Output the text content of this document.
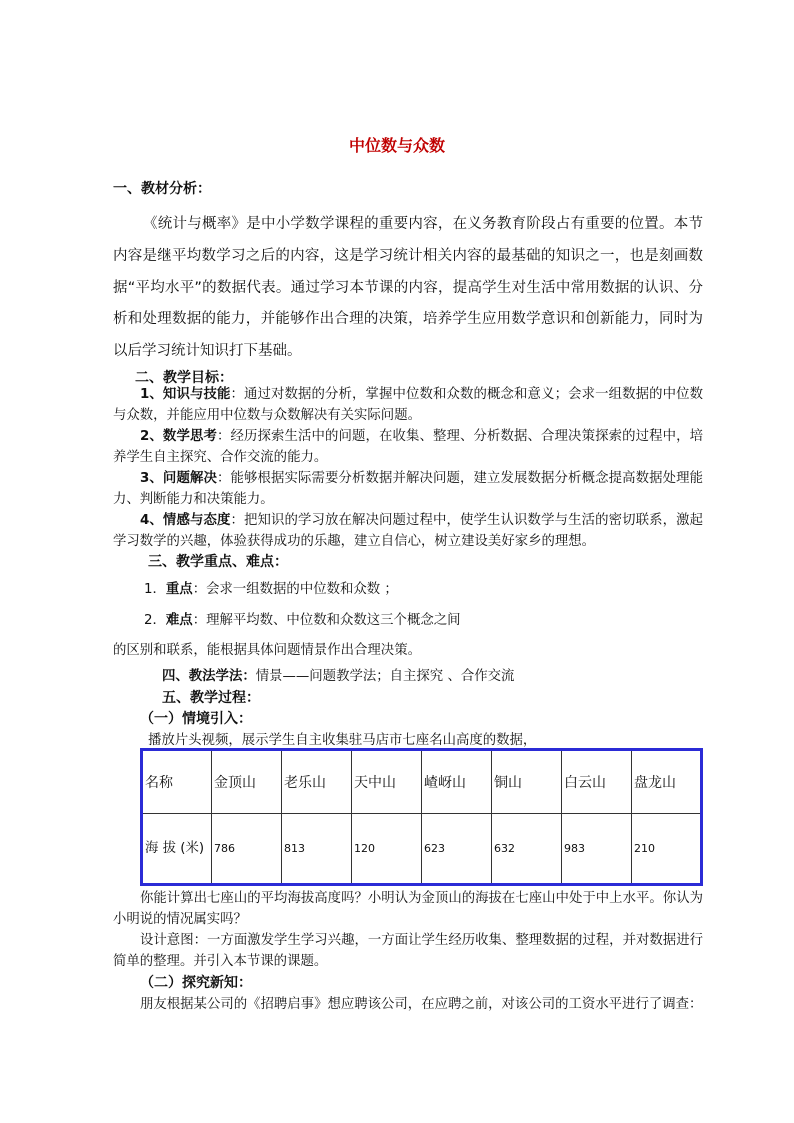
中位数与众数
一、教材分析：
《统计与概率》是中小学数学课程的重要内容，在义务教育阶段占有重要的位置。本节内容是继平均数学习之后的内容，这是学习统计相关内容的最基础的知识之一，也是刻画数据“平均水平”的数据代表。通过学习本节课的内容，提高学生对生活中常用数据的认识、分析和处理数据的能力，并能够作出合理的决策，培养学生应用数学意识和创新能力，同时为以后学习统计知识打下基础。
二、教学目标：
1、知识与技能：通过对数据的分析，掌握中位数和众数的概念和意义；会求一组数据的中位数与众数，并能应用中位数与众数解决有关实际问题。
2、数学思考：经历探索生活中的问题，在收集、整理、分析数据、合理决策探索的过程中，培养学生自主探究、合作交流的能力。
3、问题解决：能够根据实际需要分析数据并解决问题，建立发展数据分析概念提高数据处理能力、判断能力和决策能力。
4、情感与态度：把知识的学习放在解决问题过程中，使学生认识数学与生活的密切联系，激起学习数学的兴趣，体验获得成功的乐趣，建立自信心，树立建设美好家乡的理想。
三、教学重点、难点：
1．重点：会求一组数据的中位数和众数 ；
2．难点：理解平均数、中位数和众数这三个概念之间
的区别和联系，能根据具体问题情景作出合理决策。
四、教法学法：情景——问题教学法；自主探究 、合作交流
五、教学过程：
（一）情境引入：
播放片头视频，展示学生自主收集驻马店市七座名山高度的数据，
名称	金顶山	老乐山	天中山	嵖岈山	铜山	白云山	盘龙山
海 拔 (米)	786	813	120	623	632	983	210
你能计算出七座山的平均海拔高度吗？小明认为金顶山的海拔在七座山中处于中上水平。你认为小明说的情况属实吗？
设计意图：一方面激发学生学习兴趣，一方面让学生经历收集、整理数据的过程，并对数据进行简单的整理。并引入本节课的课题。
（二）探究新知：
朋友根据某公司的《招聘启事》想应聘该公司，在应聘之前，对该公司的工资水平进行了调查：
